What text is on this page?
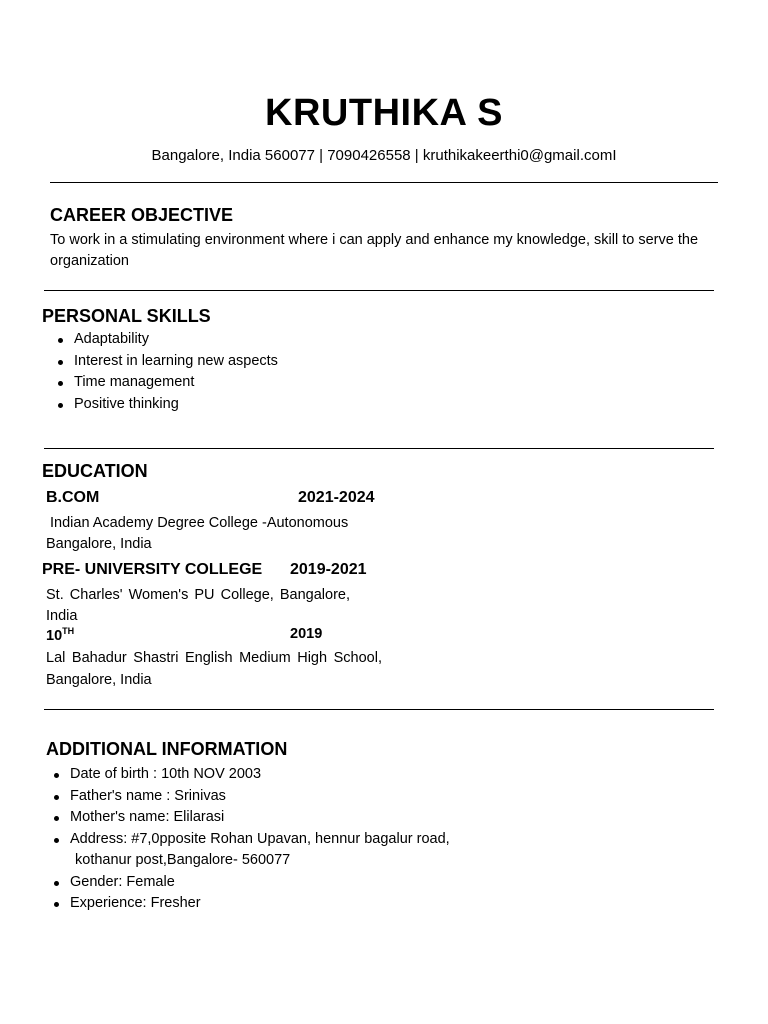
KRUTHIKA S
Bangalore, India 560077 | 7090426558 | kruthikakeerthi0@gmail.comI
CAREER OBJECTIVE
To work in a stimulating environment where i can apply and enhance my knowledge, skill to serve the organization
PERSONAL SKILLS
Adaptability
Interest in learning new aspects
Time management
Positive thinking
EDUCATION
B.COM	2021-2024
Indian Academy Degree College -Autonomous Bangalore, India
PRE- UNIVERSITY COLLEGE 2019-2021
St. Charles' Women's PU College, Bangalore, India
10TH	2019
Lal Bahadur Shastri English Medium High School, Bangalore, India
ADDITIONAL INFORMATION
Date of birth : 10th NOV 2003
Father's name : Srinivas
Mother's name: Elilarasi
Address: #7,0pposite Rohan Upavan, hennur bagalur road,
kothanur post,Bangalore- 560077
Gender: Female
Experience: Fresher
